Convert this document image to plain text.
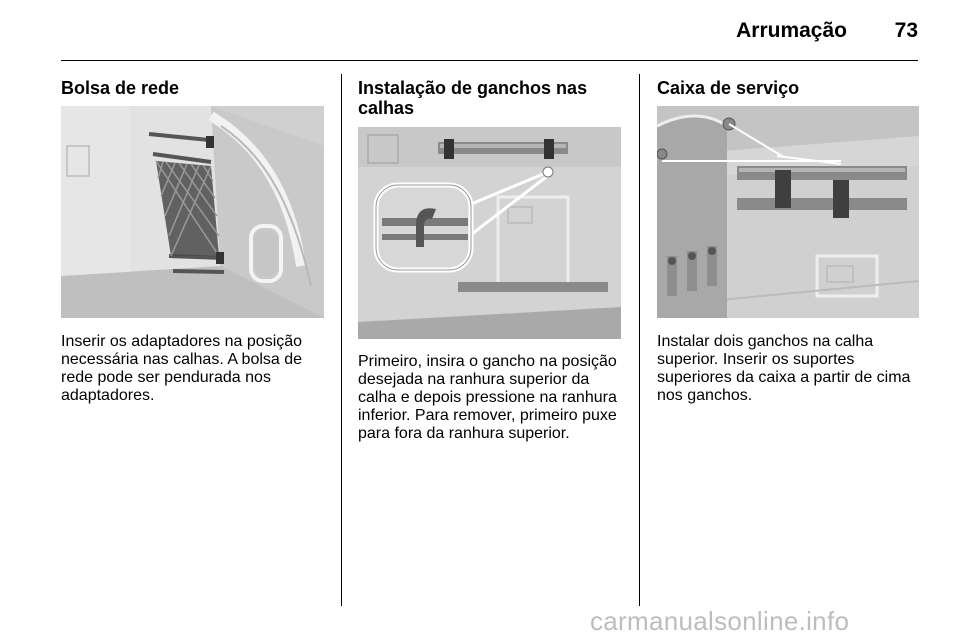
Arrumação	73
Bolsa de rede
Inserir os adaptadores na posição necessária nas calhas. A bolsa de rede pode ser pendurada nos adaptadores.
Instalação de ganchos nas calhas
Primeiro, insira o gancho na posição desejada na ranhura superior da calha e depois pressione na ranhura inferior. Para remover, primeiro puxe para fora da ranhura superior.
Caixa de serviço
Instalar dois ganchos na calha superior. Inserir os suportes superiores da caixa a partir de cima nos ganchos.
carmanualsonline.info
